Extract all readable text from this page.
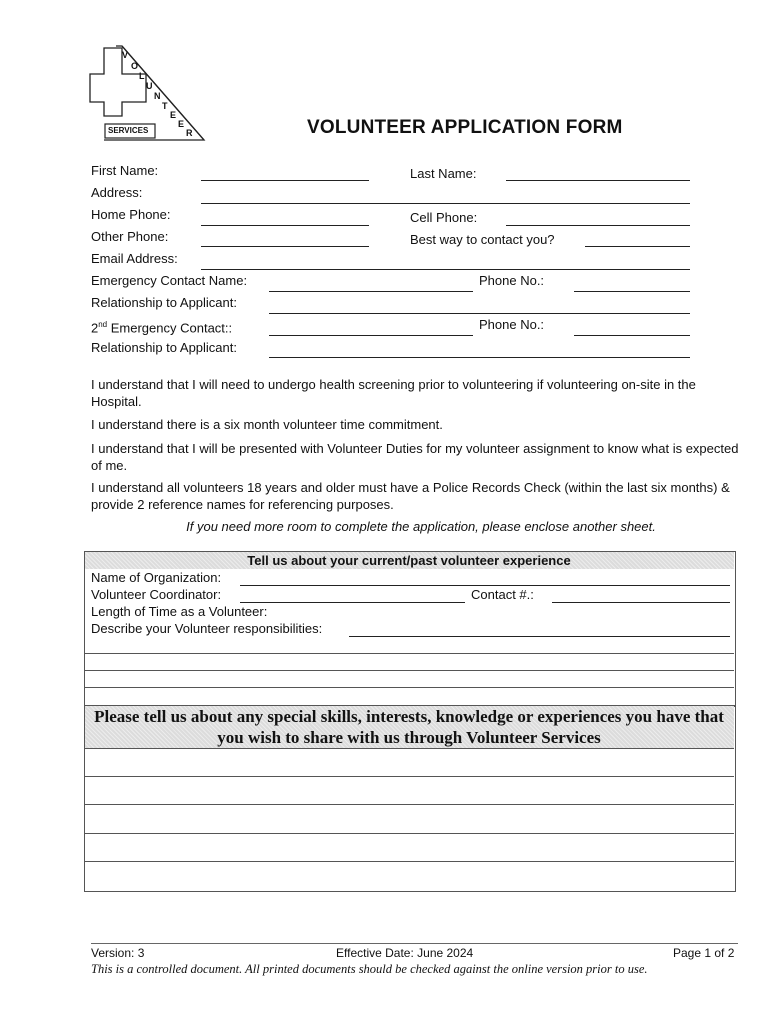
V
O
L
U
N
T
E
E
R
SERVICES	VOLUNTEER APPLICATION FORM
First Name:	Last Name:
Address:
Home Phone:	Cell Phone:
Other Phone:	Best way to contact you?
Email Address:
Emergency Contact Name:	Phone No.:
Relationship to Applicant:
2nd Emergency Contact::	Phone No.:
Relationship to Applicant:
I understand that I will need to undergo health screening prior to volunteering if volunteering on-site in the Hospital.
I understand there is a six month volunteer time commitment.
I understand that I will be presented with Volunteer Duties for my volunteer assignment to know what is expected of me.
I understand all volunteers 18 years and older must have a Police Records Check (within the last six months) & provide 2 reference names for referencing purposes.
If you need more room to complete the application, please enclose another sheet.
Tell us about your current/past volunteer experience
Name of Organization:
Volunteer Coordinator:	Contact #.:
Length of Time as a Volunteer:
Describe your Volunteer responsibilities:
Please tell us about any special skills, interests, knowledge or experiences you have that you wish to share with us through Volunteer Services
Version: 3	Effective Date: June 2024	Page 1 of 2
This is a controlled document. All printed documents should be checked against the online version prior to use.
